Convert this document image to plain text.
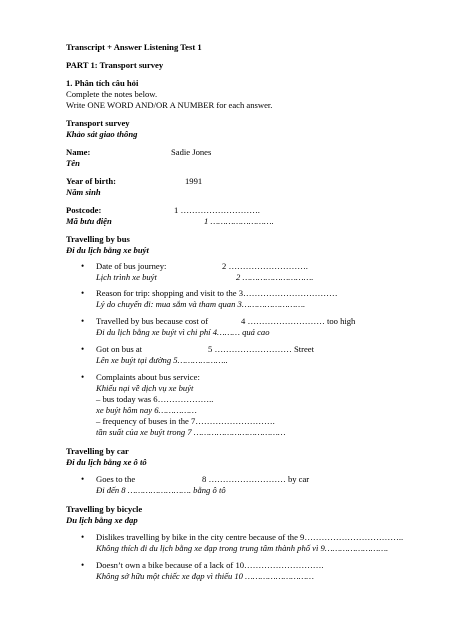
Transcript + Answer Listening Test 1
PART 1: Transport survey
1. Phân tích câu hỏi
Complete the notes below.
Write ONE WORD AND/OR A NUMBER for each answer.
Transport survey
Khảo sát giao thông
Name:	Sadie Jones
Tên
Year of birth:	1991
Năm sinh
Postcode:	1 ……………………….
Mã bưu điện	1 …………………….
Travelling by bus
Đi du lịch bằng xe buýt
• Date of bus journey:	2 ……………………….
Lịch trình xe buýt	2 ……………………….
• Reason for trip: shopping and visit to the 3……………………………
Lý do chuyến đi: mua sắm và tham quan 3…………………….
• Travelled by bus because cost of	4 ……………………… too high
Đi du lịch bằng xe buýt vì chi phí 4……… quá cao
• Got on bus at	5 ……………………… Street
Lên xe buýt tại đường 5………………..
• Complaints about bus service:
Khiếu nại về dịch vụ xe buýt
– bus today was 6………………..
xe buýt hôm nay 6……………
– frequency of buses in the 7……………………….
tần suất của xe buýt trong 7 ………………………………
Travelling by car
Đi du lịch bằng xe ô tô
• Goes to the	8 ……………………… by car
Đi đến 8 ……………………. bằng ô tô
Travelling by bicycle
Du lịch bằng xe đạp
• Dislikes travelling by bike in the city centre because of the 9……………………………..
Không thích đi du lịch bằng xe đạp trong trung tâm thành phố vì 9…………………….
• Doesn’t own a bike because of a lack of 10……………………….
Không sở hữu một chiếc xe đạp vì thiếu 10 ………………………
